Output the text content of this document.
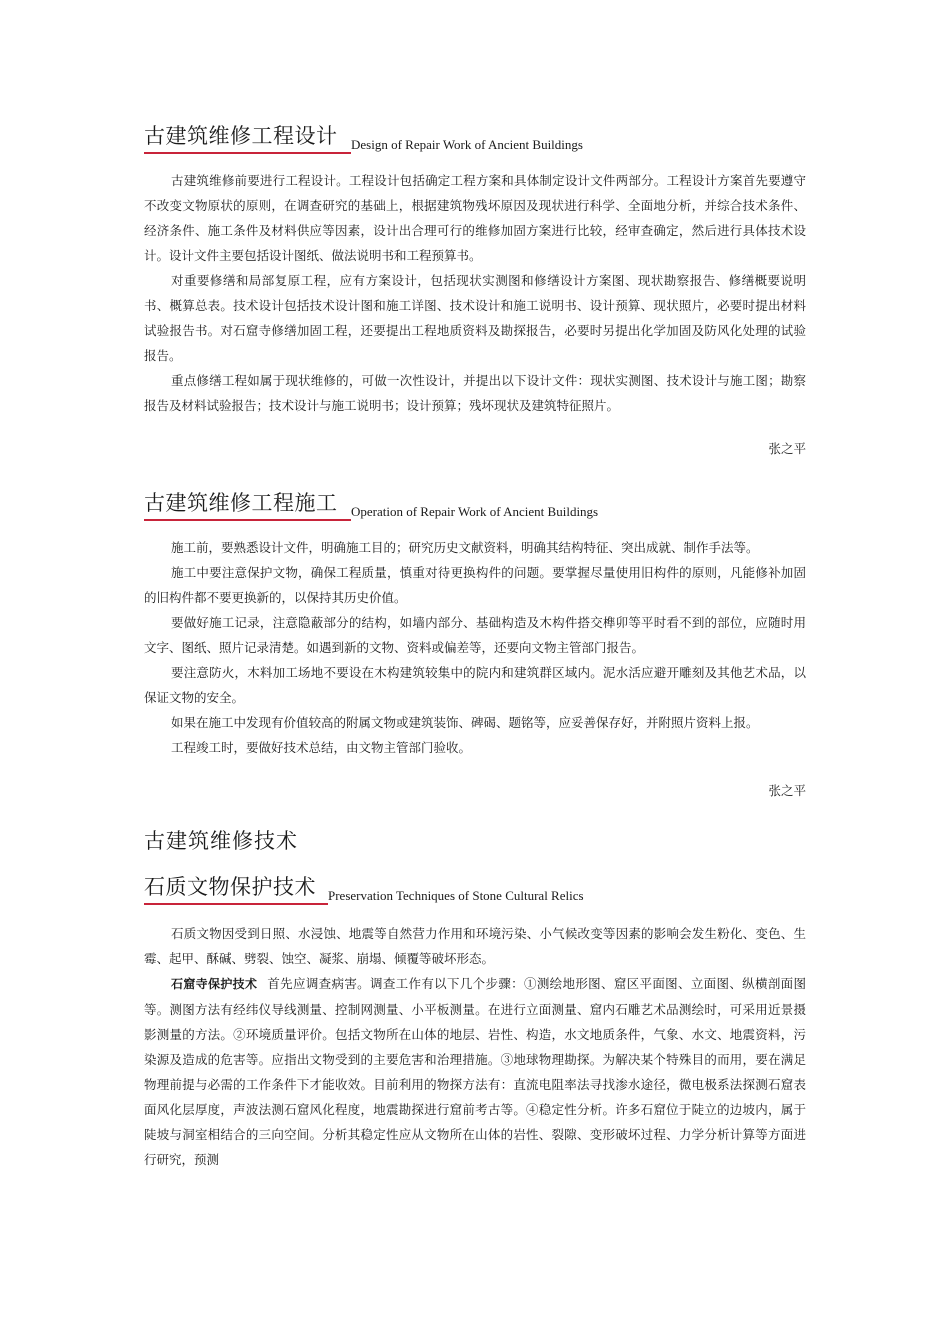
古建筑维修工程设计 Design of Repair Work of Ancient Buildings

古建筑维修前要进行工程设计。工程设计包括确定工程方案和具体制定设计文件两部分。工程设计方案首先要遵守不改变文物原状的原则，在调查研究的基础上，根据建筑物残坏原因及现状进行科学、全面地分析，并综合技术条件、经济条件、施工条件及材料供应等因素，设计出合理可行的维修加固方案进行比较，经审查确定，然后进行具体技术设计。设计文件主要包括设计图纸、做法说明书和工程预算书。

对重要修缮和局部复原工程，应有方案设计，包括现状实测图和修缮设计方案图、现状勘察报告、修缮概要说明书、概算总表。技术设计包括技术设计图和施工详图、技术设计和施工说明书、设计预算、现状照片，必要时提出材料试验报告书。对石窟寺修缮加固工程，还要提出工程地质资料及勘探报告，必要时另提出化学加固及防风化处理的试验报告。

重点修缮工程如属于现状维修的，可做一次性设计，并提出以下设计文件：现状实测图、技术设计与施工图；勘察报告及材料试验报告；技术设计与施工说明书；设计预算；残坏现状及建筑特征照片。

张之平

古建筑维修工程施工 Operation of Repair Work of Ancient Buildings

施工前，要熟悉设计文件，明确施工目的；研究历史文献资料，明确其结构特征、突出成就、制作手法等。

施工中要注意保护文物，确保工程质量，慎重对待更换构件的问题。要掌握尽量使用旧构件的原则，凡能修补加固的旧构件都不要更换新的，以保持其历史价值。

要做好施工记录，注意隐蔽部分的结构，如墙内部分、基础构造及木构件搭交榫卯等平时看不到的部位，应随时用文字、图纸、照片记录清楚。如遇到新的文物、资料或偏差等，还要向文物主管部门报告。

要注意防火，木料加工场地不要设在木构建筑较集中的院内和建筑群区域内。泥水活应避开雕刻及其他艺术品，以保证文物的安全。

如果在施工中发现有价值较高的附属文物或建筑装饰、碑碣、题铭等，应妥善保存好，并附照片资料上报。

工程竣工时，要做好技术总结，由文物主管部门验收。

张之平

古建筑维修技术
石质文物保护技术 Preservation Techniques of Stone Cultural Relics

石质文物因受到日照、水浸蚀、地震等自然营力作用和环境污染、小气候改变等因素的影响会发生粉化、变色、生霉、起甲、酥碱、劈裂、蚀空、凝浆、崩塌、倾覆等破坏形态。

石窟寺保护技术 首先应调查病害。调查工作有以下几个步骤：①测绘地形图、窟区平面图、立面图、纵横剖面图等。测图方法有经纬仪导线测量、控制网测量、小平板测量。在进行立面测量、窟内石雕艺术品测绘时，可采用近景摄影测量的方法。②环境质量评价。包括文物所在山体的地层、岩性、构造，水文地质条件，气象、水文、地震资料，污染源及造成的危害等。应指出文物受到的主要危害和治理措施。③地球物理勘探。为解决某个特殊目的而用，要在满足物理前提与必需的工作条件下才能收效。目前利用的物探方法有：直流电阻率法寻找渗水途径，微电极系法探测石窟表面风化层厚度，声波法测石窟风化程度，地震勘探进行窟前考古等。④稳定性分析。许多石窟位于陡立的边坡内，属于陡坡与洞室相结合的三向空间。分析其稳定性应从文物所在山体的岩性、裂隙、变形破坏过程、力学分析计算等方面进行研究，预测
